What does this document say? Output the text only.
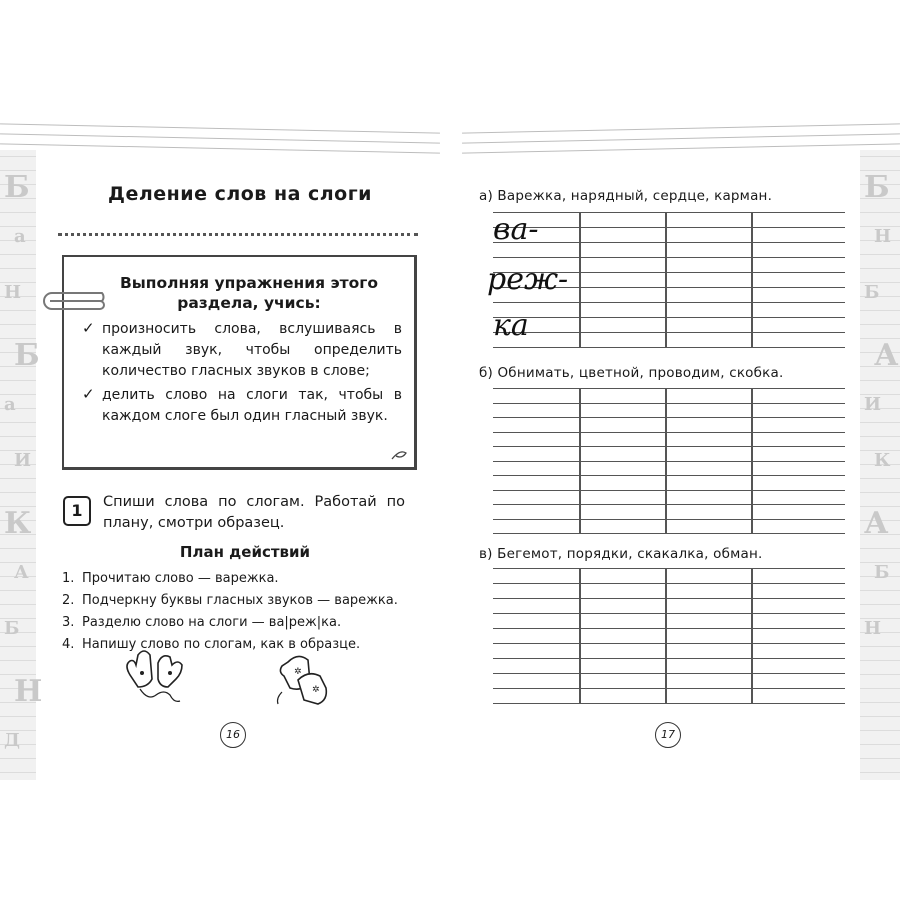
Б
а
Н
Б
а
И
К
А
Б
Н
Д
Б
Н
Б
А
И
К
А
Б
Н
Деление слов на слоги
Выполняя упражнения этого раздела, учись:
✓ произносить слова, вслушиваясь в каждый звук, чтобы определить количество гласных звуков в слове;
✓ делить слово на слоги так, чтобы в каждом слоге был один гласный звук.
1	Спиши слова по слогам. Работай по плану, смотри образец.
План действий
1. Прочитаю слово — варежка.
2. Подчеркну буквы гласных звуков — варежка.
3. Разделю слово на слоги — ва|реж|ка.
4. Напишу слово по слогам, как в образце.
✲
✲
16
а) Варежка, нарядный, сердце, карман.
ва-
реж-
ка
б) Обнимать, цветной, проводим, скобка.
в) Бегемот, порядки, скакалка, обман.
17
